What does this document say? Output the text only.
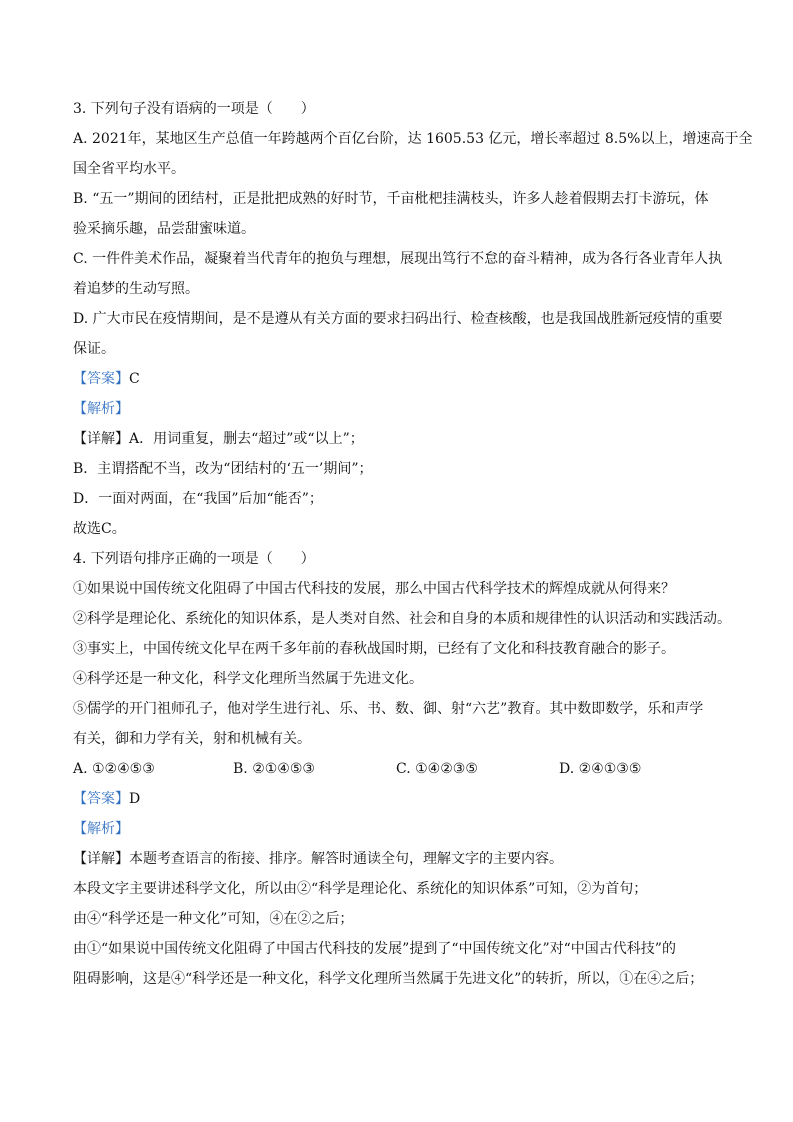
3. 下列句子没有语病的一项是（　　）
A. 2021年，某地区生产总值一年跨越两个百亿台阶，达 1605.53 亿元，增长率超过 8.5%以上，增速高于全
国全省平均水平。
B. “五一”期间的团结村，正是批把成熟的好时节，千亩枇杷挂满枝头，许多人趁着假期去打卡游玩，体
验采摘乐趣，品尝甜蜜味道。
C. 一件件美术作品，凝聚着当代青年的抱负与理想，展现出笃行不怠的奋斗精神，成为各行各业青年人执
着追梦的生动写照。
D. 广大市民在疫情期间，是不是遵从有关方面的要求扫码出行、检查核酸，也是我国战胜新冠疫情的重要
保证。
【答案】C
【解析】
【详解】A．用词重复，删去“超过”或“以上”；
B．主谓搭配不当，改为“团结村的‘五一’期间”；
D．一面对两面，在“我国”后加“能否”；
故选C。
4. 下列语句排序正确的一项是（　　）
①如果说中国传统文化阻碍了中国古代科技的发展，那么中国古代科学技术的辉煌成就从何得来？
②科学是理论化、系统化的知识体系，是人类对自然、社会和自身的本质和规律性的认识活动和实践活动。
③事实上，中国传统文化早在两千多年前的春秋战国时期，已经有了文化和科技教育融合的影子。
④科学还是一种文化，科学文化理所当然属于先进文化。
⑤儒学的开门祖师孔子，他对学生进行礼、乐、书、数、御、射“六艺”教育。其中数即数学，乐和声学
有关，御和力学有关，射和机械有关。
A. ①②④⑤③	B. ②①④⑤③	C. ①④②③⑤	D. ②④①③⑤
【答案】D
【解析】
【详解】本题考查语言的衔接、排序。解答时通读全句，理解文字的主要内容。
本段文字主要讲述科学文化，所以由②“科学是理论化、系统化的知识体系”可知，②为首句；
由④“科学还是一种文化”可知，④在②之后；
由①“如果说中国传统文化阻碍了中国古代科技的发展”提到了“中国传统文化”对“中国古代科技”的
阻碍影响，这是④“科学还是一种文化，科学文化理所当然属于先进文化”的转折，所以，①在④之后；
